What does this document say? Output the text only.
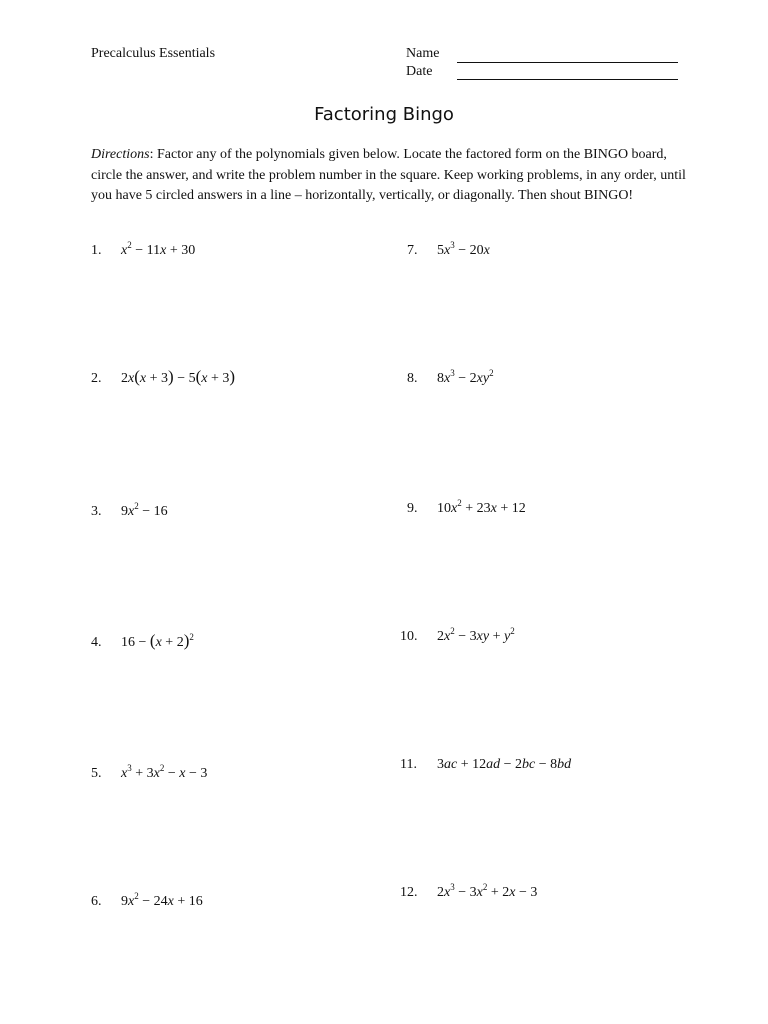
Precalculus Essentials	Name
Date
Factoring Bingo
Directions: Factor any of the polynomials given below. Locate the factored form on the BINGO board, circle the answer, and write the problem number in the square. Keep working problems, in any order, until you have 5 circled answers in a line – horizontally, vertically, or diagonally. Then shout BINGO!
1. $x^2 - 11x + 30$
2. 2x(x + 3) − 5(x + 3)
3. $9x^2 - 16$
4. $16 - (x + 2)^2$
5. $x^3 + 3x^2 - x - 3$
6. $9x^2 - 24x + 16$
7. $5x^3 - 20x$
8. $8x^3 - 2xy^2$
9. $10x^2 + 23x + 12$
10. $2x^2 - 3xy + y^2$
11. 3ac + 12ad − 2bc − 8bd
12. $2x^3 - 3x^2 + 2x - 3$
